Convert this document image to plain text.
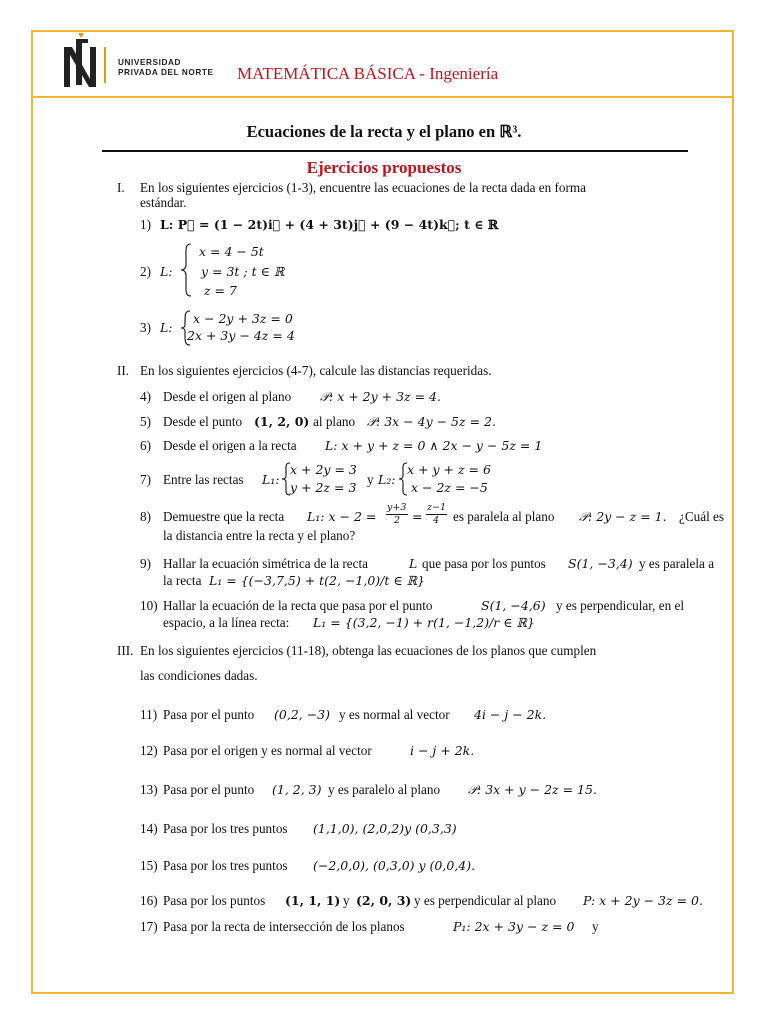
UNIVERSIDAD
PRIVADA DEL NORTE MATEMÁTICA BÁSICA - Ingeniería
Ecuaciones de la recta y el plano en ℝ³.
Ejercicios propuestos
I. En los siguientes ejercicios (1-3), encuentre las ecuaciones de la recta dada en forma
estándar.
1) L: P⃗ = (1 − 2t)i⃗ + (4 + 3t)j⃗ + (9 − 4t)k⃗; t ∈ ℝ
2) L:
x = 4 − 5t
y = 3t ; t ∈ ℝ
z = 7
3) L:
x − 2y + 3z = 0
2x + 3y − 4z = 4
II. En los siguientes ejercicios (4-7), calcule las distancias requeridas.
4) Desde el origen al plano 𝒫: x + 2y + 3z = 4.
5) Desde el punto (1, 2, 0) al plano 𝒫: 3x − 4y − 5z = 2.
6) Desde el origen a la recta L: x + y + z = 0 ∧ 2x − y − 5z = 1
7) Entre las rectas L₁:
x + 2y = 3
y + 2z = 3
y L₂:
x + y + z = 6
x − 2z = −5
8) Demuestre que la recta L₁: x − 2 =
y+3
2 =
z−1
4 es paralela al plano 𝒫: 2y − z = 1. ¿Cuál es
la distancia entre la recta y el plano?
9) Hallar la ecuación simétrica de la recta	L que pasa por los puntos S(1, −3,4) y es paralela a
la recta L₁ = {(−3,7,5) + t(2, −1,0)/t ∈ ℝ}
10) Hallar la ecuación de la recta que pasa por el punto	S(1, −4,6) y es perpendicular, en el
espacio, a la línea recta: L₁ = {(3,2, −1) + r(1, −1,2)/r ∈ ℝ}
III. En los siguientes ejercicios (11-18), obtenga las ecuaciones de los planos que cumplen
las condiciones dadas.
11) Pasa por el punto (0,2, −3) y es normal al vector 4i − j − 2k.
12) Pasa por el origen y es normal al vector	i − j + 2k.
13) Pasa por el punto (1, 2, 3) y es paralelo al plano 𝒫: 3x + y − 2z = 15.
14) Pasa por los tres puntos (1,1,0), (2,0,2)y (0,3,3)
15) Pasa por los tres puntos (−2,0,0), (0,3,0) y (0,0,4).
16) Pasa por los puntos (1, 1, 1) y (2, 0, 3) y es perpendicular al plano P: x + 2y − 3z = 0.
17) Pasa por la recta de intersección de los planos	P₁: 2x + 3y − z = 0 y
